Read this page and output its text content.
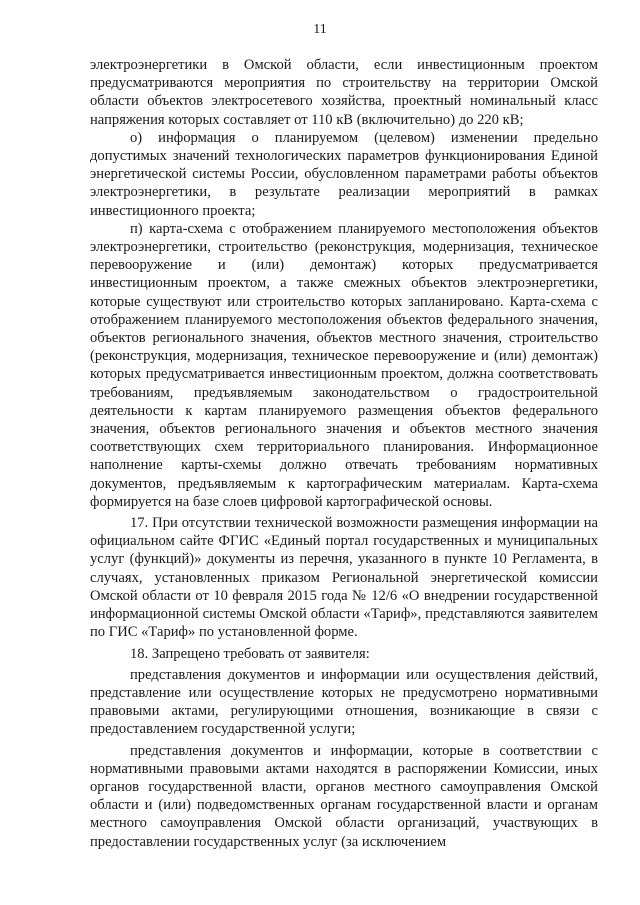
11

электроэнергетики в Омской области, если инвестиционным проектом предусматриваются мероприятия по строительству на территории Омской области объектов электросетевого хозяйства, проектный номинальный класс напряжения которых составляет от 110 кВ (включительно) до 220 кВ;

о) информация о планируемом (целевом) изменении предельно допустимых значений технологических параметров функционирования Единой энергетической системы России, обусловленном параметрами работы объектов электроэнергетики, в результате реализации мероприятий в рамках инвестиционного проекта;

п) карта-схема с отображением планируемого местоположения объектов электроэнергетики, строительство (реконструкция, модернизация, техническое перевооружение и (или) демонтаж) которых предусматривается инвестиционным проектом, а также смежных объектов электроэнергетики, которые существуют или строительство которых запланировано. Карта-схема с отображением планируемого местоположения объектов федерального значения, объектов регионального значения, объектов местного значения, строительство (реконструкция, модернизация, техническое перевооружение и (или) демонтаж) которых предусматривается инвестиционным проектом, должна соответствовать требованиям, предъявляемым законодательством о градостроительной деятельности к картам планируемого размещения объектов федерального значения, объектов регионального значения и объектов местного значения соответствующих схем территориального планирования. Информационное наполнение карты-схемы должно отвечать требованиям нормативных документов, предъявляемым к картографическим материалам. Карта-схема формируется на базе слоев цифровой картографической основы.

17. При отсутствии технической возможности размещения информации на официальном сайте ФГИС «Единый портал государственных и муниципальных услуг (функций)» документы из перечня, указанного в пункте 10 Регламента, в случаях, установленных приказом Региональной энергетической комиссии Омской области от 10 февраля 2015 года № 12/6 «О внедрении государственной информационной системы Омской области «Тариф», представляются заявителем по ГИС «Тариф» по установленной форме.

18. Запрещено требовать от заявителя:

представления документов и информации или осуществления действий, представление или осуществление которых не предусмотрено нормативными правовыми актами, регулирующими отношения, возникающие в связи с предоставлением государственной услуги;

представления документов и информации, которые в соответствии с нормативными правовыми актами находятся в распоряжении Комиссии, иных органов государственной власти, органов местного самоуправления Омской области и (или) подведомственных органам государственной власти и органам местного самоуправления Омской области организаций, участвующих в предоставлении государственных услуг (за исключением
